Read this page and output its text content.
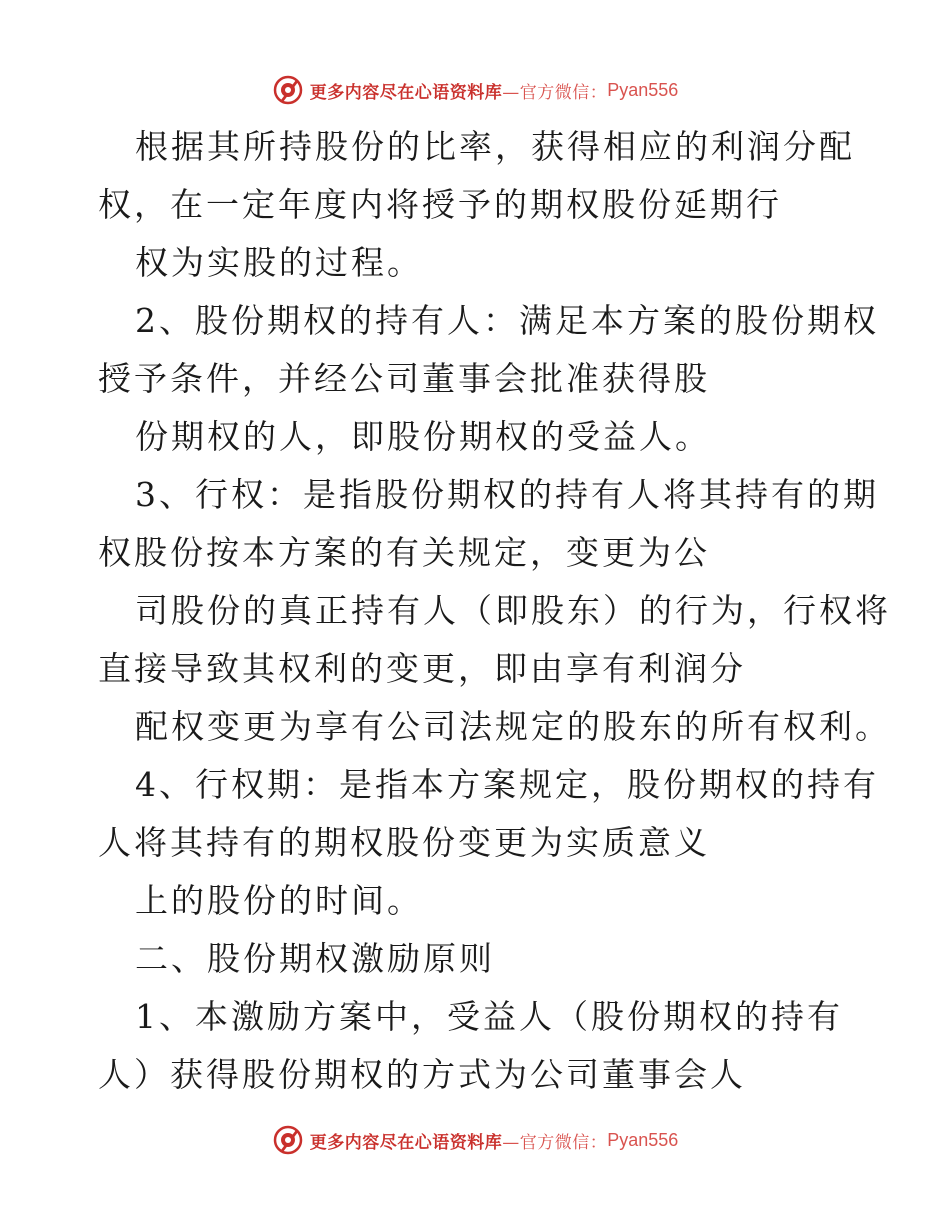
更多内容尽在心语资料库 —官方微信： Pyan556
根据其所持股份的比率，获得相应的利润分配
权，在一定年度内将授予的期权股份延期行
权为实股的过程。
2、股份期权的持有人：满足本方案的股份期权
授予条件，并经公司董事会批准获得股
份期权的人，即股份期权的受益人。
3、行权：是指股份期权的持有人将其持有的期
权股份按本方案的有关规定，变更为公
司股份的真正持有人（即股东）的行为，行权将
直接导致其权利的变更，即由享有利润分
配权变更为享有公司法规定的股东的所有权利。
4、行权期：是指本方案规定，股份期权的持有
人将其持有的期权股份变更为实质意义
上的股份的时间。
二、股份期权激励原则
1、本激励方案中，受益人（股份期权的持有
人）获得股份期权的方式为公司董事会人
更多内容尽在心语资料库 —官方微信： Pyan556
